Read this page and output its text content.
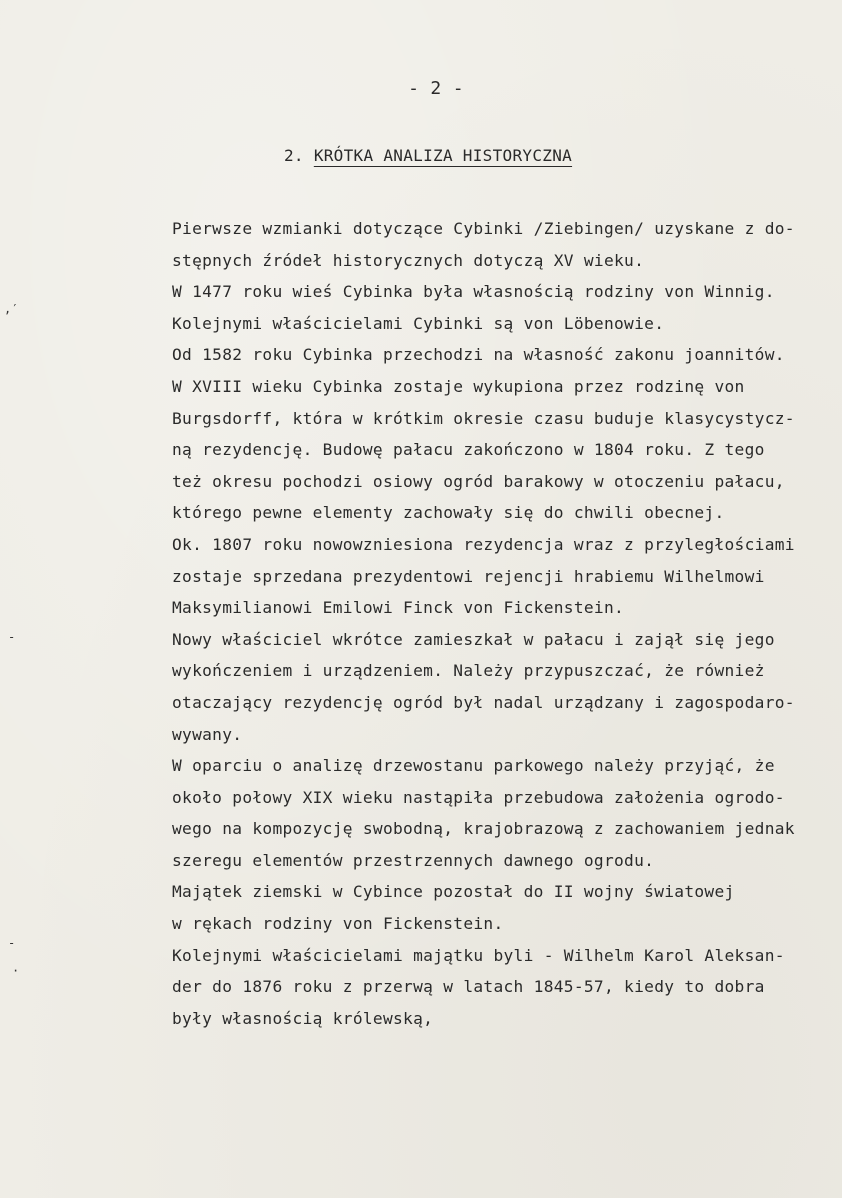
- 2 -
2. KRÓTKA ANALIZA HISTORYCZNA
Pierwsze wzmianki dotyczące Cybinki /Ziebingen/ uzyskane z do-
stępnych źródeł historycznych dotyczą XV wieku.
W 1477 roku wieś Cybinka była własnością rodziny von Winnig.
Kolejnymi właścicielami Cybinki są von Löbenowie.
Od 1582 roku Cybinka przechodzi na własność zakonu joannitów.
W XVIII wieku Cybinka zostaje wykupiona przez rodzinę von
Burgsdorff, która w krótkim okresie czasu buduje klasycystycz-
ną rezydencję. Budowę pałacu zakończono w 1804 roku. Z tego
też okresu pochodzi osiowy ogród barakowy w otoczeniu pałacu,
którego pewne elementy zachowały się do chwili obecnej.
Ok. 1807 roku nowowzniesiona rezydencja wraz z przyległościami
zostaje sprzedana prezydentowi rejencji hrabiemu Wilhelmowi
Maksymilianowi Emilowi Finck von Fickenstein.
Nowy właściciel wkrótce zamieszkał w pałacu i zajął się jego
wykończeniem i urządzeniem. Należy przypuszczać, że również
otaczający rezydencję ogród był nadal urządzany i zagospodaro-
wywany.
W oparciu o analizę drzewostanu parkowego należy przyjąć, że
około połowy XIX wieku nastąpiła przebudowa założenia ogrodo-
wego na kompozycję swobodną, krajobrazową z zachowaniem jednak
szeregu elementów przestrzennych dawnego ogrodu.
Majątek ziemski w Cybince pozostał do II wojny światowej
w rękach rodziny von Fickenstein.
Kolejnymi właścicielami majątku byli - Wilhelm Karol Aleksan-
der do 1876 roku z przerwą w latach 1845-57, kiedy to dobra
były własnością królewską,
,′
-
-
·
